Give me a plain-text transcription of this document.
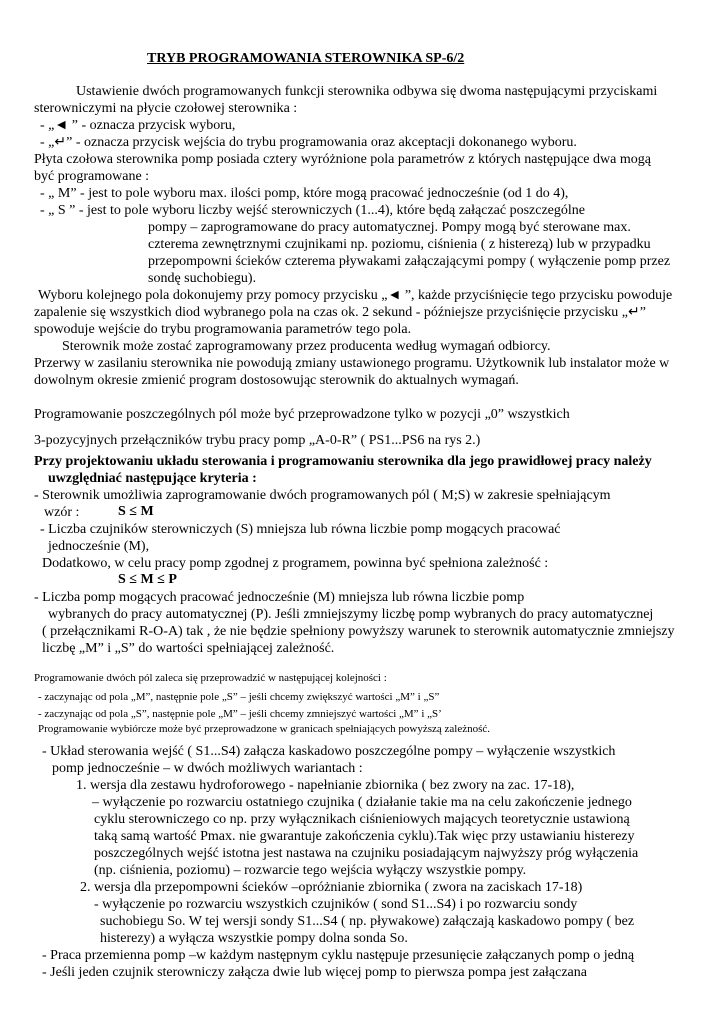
TRYB PROGRAMOWANIA STEROWNIKA SP-6/2
Ustawienie dwóch programowanych funkcji sterownika odbywa się dwoma następującymi przyciskami
sterowniczymi na płycie czołowej sterownika :
- „◄ ” - oznacza przycisk wyboru,
- „↵” - oznacza przycisk wejścia do trybu programowania oraz akceptacji dokonanego wyboru.
Płyta czołowa sterownika pomp posiada cztery wyróżnione pola parametrów z których następujące dwa mogą
być programowane :
- „ M” - jest to pole wyboru max. ilości pomp, które mogą pracować jednocześnie (od 1 do 4),
- „ S ” - jest to pole wyboru liczby wejść sterowniczych (1...4), które będą załączać poszczególne
pompy – zaprogramowane do pracy automatycznej. Pompy mogą być sterowane max.
czterema zewnętrznymi czujnikami np. poziomu, ciśnienia ( z histerezą) lub w przypadku
przepompowni ścieków czterema pływakami załączającymi pompy ( wyłączenie pomp przez
sondę suchobiegu).
Wyboru kolejnego pola dokonujemy przy pomocy przycisku „◄ ”, każde przyciśnięcie tego przycisku powoduje
zapalenie się wszystkich diod wybranego pola na czas ok. 2 sekund - późniejsze przyciśnięcie przycisku „↵”
spowoduje wejście do trybu programowania parametrów tego pola.
Sterownik może zostać zaprogramowany przez producenta według wymagań odbiorcy.
Przerwy w zasilaniu sterownika nie powodują zmiany ustawionego programu. Użytkownik lub instalator może w
dowolnym okresie zmienić program dostosowując sterownik do aktualnych wymagań.
Programowanie poszczególnych pól może być przeprowadzone tylko w pozycji „0” wszystkich
3-pozycyjnych przełączników trybu pracy pomp „A-0-R” ( PS1...PS6 na rys 2.)
Przy projektowaniu układu sterowania i programowaniu sterownika dla jego prawidłowej pracy należy
uwzględniać następujące kryteria :
- Sterownik umożliwia zaprogramowanie dwóch programowanych pól ( M;S) w zakresie spełniającym
wzór :	S ≤ M
- Liczba czujników sterowniczych (S) mniejsza lub równa liczbie pomp mogących pracować
jednocześnie (M),
Dodatkowo, w celu pracy pomp zgodnej z programem, powinna być spełniona zależność :
S ≤ M ≤ P
- Liczba pomp mogących pracować jednocześnie (M) mniejsza lub równa liczbie pomp
wybranych do pracy automatycznej (P). Jeśli zmniejszymy liczbę pomp wybranych do pracy automatycznej
( przełącznikami R-O-A) tak , że nie będzie spełniony powyższy warunek to sterownik automatycznie zmniejszy
liczbę „M” i „S” do wartości spełniającej zależność.
Programowanie dwóch pól zaleca się przeprowadzić w następującej kolejności :
- zaczynając od pola „M”, następnie pole „S” – jeśli chcemy zwiększyć wartości „M” i „S”
- zaczynając od pola „S”, następnie pole „M” – jeśli chcemy zmniejszyć wartości „M” i „S’
Programowanie wybiórcze może być przeprowadzone w granicach spełniających powyższą zależność.
- Układ sterowania wejść ( S1...S4) załącza kaskadowo poszczególne pompy – wyłączenie wszystkich
pomp jednocześnie – w dwóch możliwych wariantach :
1. wersja dla zestawu hydroforowego - napełnianie zbiornika ( bez zwory na zac. 17-18),
– wyłączenie po rozwarciu ostatniego czujnika ( działanie takie ma na celu zakończenie jednego
cyklu sterowniczego co np. przy wyłącznikach ciśnieniowych mających teoretycznie ustawioną
taką samą wartość Pmax. nie gwarantuje zakończenia cyklu).Tak więc przy ustawianiu histerezy
poszczególnych wejść istotna jest nastawa na czujniku posiadającym najwyższy próg wyłączenia
(np. ciśnienia, poziomu) – rozwarcie tego wejścia wyłączy wszystkie pompy.
2. wersja dla przepompowni ścieków –opróżnianie zbiornika ( zwora na zaciskach 17-18)
- wyłączenie po rozwarciu wszystkich czujników ( sond S1...S4) i po rozwarciu sondy
suchobiegu So. W tej wersji sondy S1...S4 ( np. pływakowe) załączają kaskadowo pompy ( bez
histerezy) a wyłącza wszystkie pompy dolna sonda So.
- Praca przemienna pomp –w każdym następnym cyklu następuje przesunięcie załączanych pomp o jedną
- Jeśli jeden czujnik sterowniczy załącza dwie lub więcej pomp to pierwsza pompa jest załączana
